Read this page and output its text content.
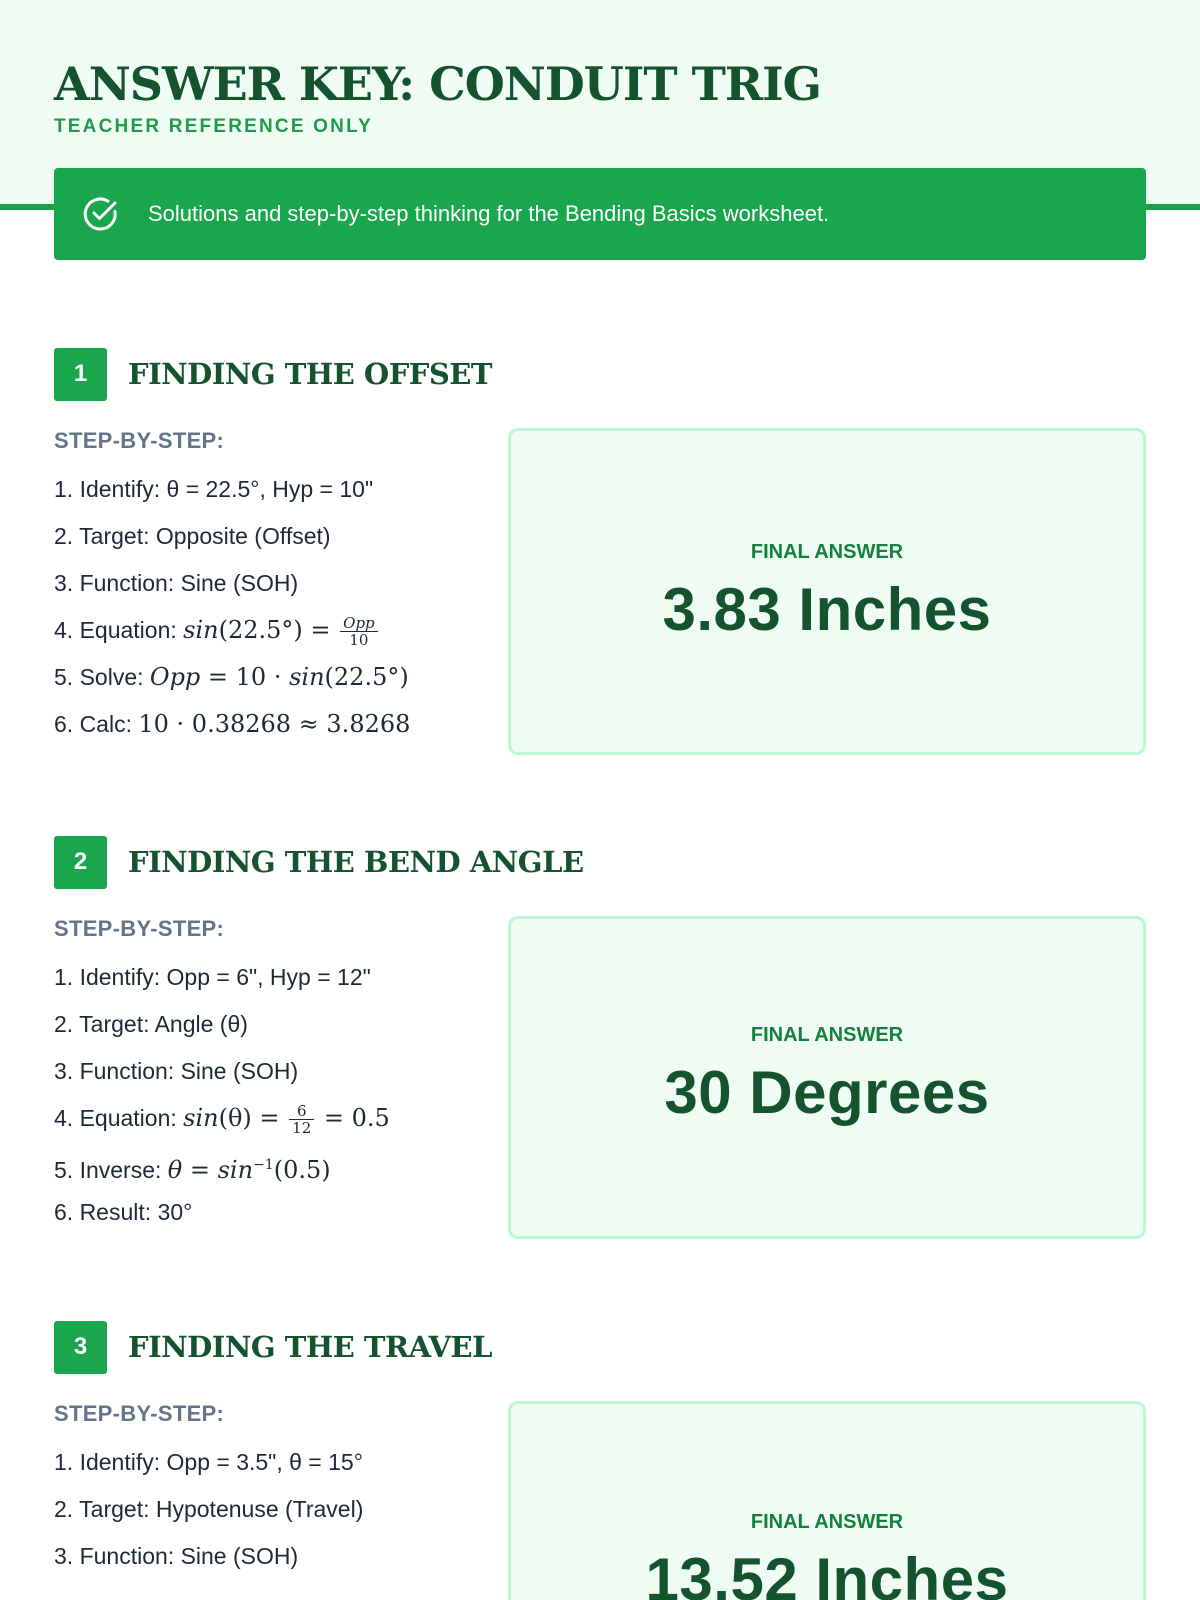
ANSWER KEY: CONDUIT TRIG
TEACHER REFERENCE ONLY
Solutions and step-by-step thinking for the Bending Basics worksheet.
1	FINDING THE OFFSET
STEP-BY-STEP:
1. Identify: θ = 22.5°, Hyp = 10"
2. Target: Opposite (Offset)
3. Function: Sine (SOH)
4. Equation: $\sin(22.5^\circ) = \frac{\text{Opp}}{10}$
5. Solve: Opp = 10 · sin(22.5°)
6. Calc: 10 · 0.38268 ≈ 3.8268
FINAL ANSWER
3.83 Inches
2	FINDING THE BEND ANGLE
STEP-BY-STEP:
1. Identify: Opp = 6", Hyp = 12"
2. Target: Angle (θ)
3. Function: Sine (SOH)
4. Equation: $\sin(\theta) = \frac{6}{12} = 0.5$
5. Inverse: $\theta = \sin^{-1}(0.5)$
6. Result: 30°
FINAL ANSWER
30 Degrees
3	FINDING THE TRAVEL
STEP-BY-STEP:
1. Identify: Opp = 3.5", θ = 15°
2. Target: Hypotenuse (Travel)
3. Function: Sine (SOH)
FINAL ANSWER
13.52 Inches
